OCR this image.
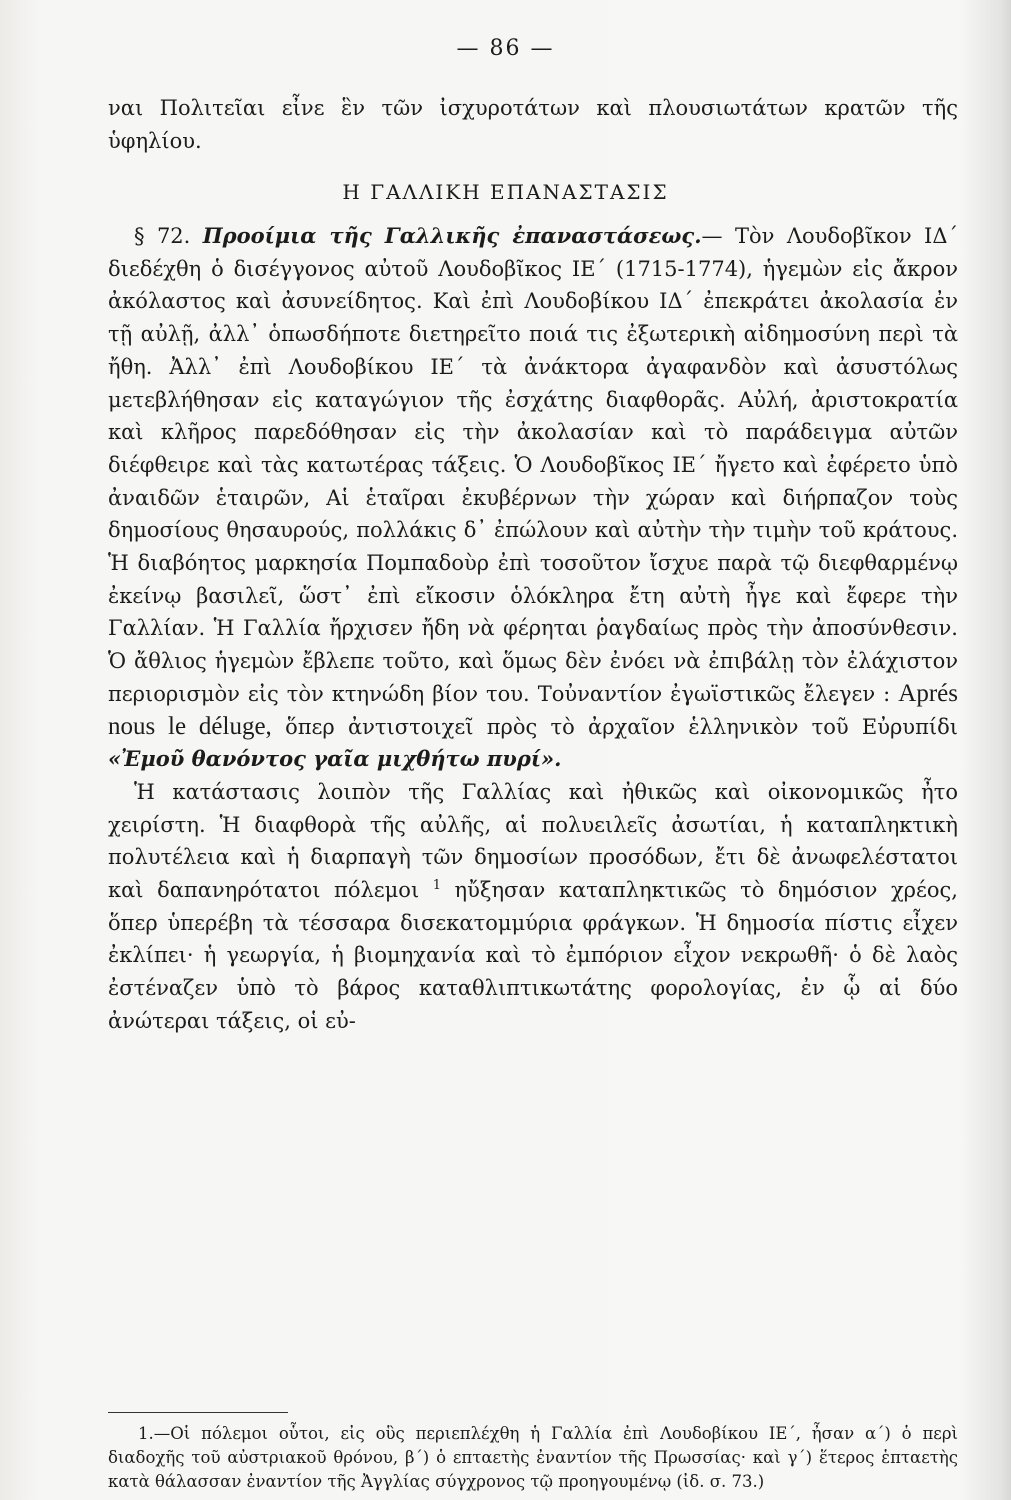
— 86 —

ναι Πολιτεῖαι εἶνε ἓν τῶν ἰσχυροτάτων καὶ πλουσιωτάτων κρατῶν τῆς ὑφηλίου.

Η ΓΑΛΛΙΚΗ ΕΠΑΝΑΣΤΑΣΙΣ

§ 72. Προοίμια τῆς Γαλλικῆς ἐπαναστάσεως.— Τὸν Λουδοβῖκον ΙΔ´ διεδέχθη ὁ δισέγγονος αὐτοῦ Λουδοβῖκος ΙΕ´ (1715-1774), ἡγεμὼν εἰς ἄκρον ἀκόλαστος καὶ ἀσυνείδητος. Καὶ ἐπὶ Λουδοβίκου ΙΔ´ ἐπεκράτει ἀκολασία ἐν τῇ αὐλῇ, ἀλλ᾽ ὁπωσδήποτε διετηρεῖτο ποιά τις ἐξωτερικὴ αἰδημοσύνη περὶ τὰ ἤθη. Ἀλλ᾽ ἐπὶ Λουδοβίκου ΙΕ´ τὰ ἀνάκτορα ἀγαφανδὸν καὶ ἀσυστόλως μετεβλήθησαν εἰς καταγώγιον τῆς ἐσχάτης διαφθορᾶς. Αὐλή, ἀριστοκρατία καὶ κλῆρος παρεδόθησαν εἰς τὴν ἀκολασίαν καὶ τὸ παράδειγμα αὐτῶν διέφθειρε καὶ τὰς κατωτέρας τάξεις. Ὁ Λουδοβῖκος ΙΕ´ ἤγετο καὶ ἐφέρετο ὑπὸ ἀναιδῶν ἑταιρῶν, Αἱ ἑταῖραι ἐκυβέρνων τὴν χώραν καὶ διήρπαζον τοὺς δημοσίους θησαυρούς, πολλάκις δ᾽ ἐπώλουν καὶ αὐτὴν τὴν τιμὴν τοῦ κράτους. Ἡ διαβόητος μαρκησία Πομπαδοὺρ ἐπὶ τοσοῦτον ἴσχυε παρὰ τῷ διεφθαρμένῳ ἐκείνῳ βασιλεῖ, ὥστ᾽ ἐπὶ εἴκοσιν ὁλόκληρα ἔτη αὐτὴ ἦγε καὶ ἔφερε τὴν Γαλλίαν. Ἡ Γαλλία ἤρχισεν ἤδη νὰ φέρηται ῥαγδαίως πρὸς τὴν ἀποσύνθεσιν. Ὁ ἄθλιος ἡγεμὼν ἔβλεπε τοῦτο, καὶ ὅμως δὲν ἐνόει νὰ ἐπιβάλῃ τὸν ἐλάχιστον περιορισμὸν εἰς τὸν κτηνώδη βίον του. Τοὐναντίον ἐγωϊστικῶς ἔλεγεν : Aprés nous le déluge, ὅπερ ἀντιστοιχεῖ πρὸς τὸ ἀρχαῖον ἑλληνικὸν τοῦ Εὐρυπίδι «Ἐμοῦ θανόντος γαῖα μιχθήτω πυρί».

Ἡ κατάστασις λοιπὸν τῆς Γαλλίας καὶ ἠθικῶς καὶ οἰκονομικῶς ἦτο χειρίστη. Ἡ διαφθορὰ τῆς αὐλῆς, αἱ πολυειλεῖς ἀσωτίαι, ἡ καταπληκτικὴ πολυτέλεια καὶ ἡ διαρπαγὴ τῶν δημοσίων προσόδων, ἔτι δὲ ἀνωφελέστατοι καὶ δαπανηρότατοι πόλεμοι $^1$ ηὔξησαν καταπληκτικῶς τὸ δημόσιον χρέος, ὅπερ ὑπερέβη τὰ τέσσαρα δισεκατομμύρια φράγκων. Ἡ δημοσία πίστις εἶχεν ἐκλίπει· ἡ γεωργία, ἡ βιομηχανία καὶ τὸ ἐμπόριον εἶχον νεκρωθῆ· ὁ δὲ λαὸς ἐστέναζεν ὑπὸ τὸ βάρος καταθλιπτικωτάτης φορολογίας, ἐν ᾧ αἱ δύο ἀνώτεραι τάξεις, οἱ εὐ-

1.—Οἱ πόλεμοι οὗτοι, εἰς οὓς περιεπλέχθη ἡ Γαλλία ἐπὶ Λουδοβίκου ΙΕ´, ἦσαν α´) ὁ περὶ διαδοχῆς τοῦ αὐστριακοῦ θρόνου, β´) ὁ επταετὴς ἐναντίον τῆς Πρωσσίας· καὶ γ´) ἕτερος ἑπταετὴς κατὰ θάλασσαν ἐναντίον τῆς Ἀγγλίας σύγχρονος τῷ προηγουμένῳ (ἰδ. σ. 73.)
